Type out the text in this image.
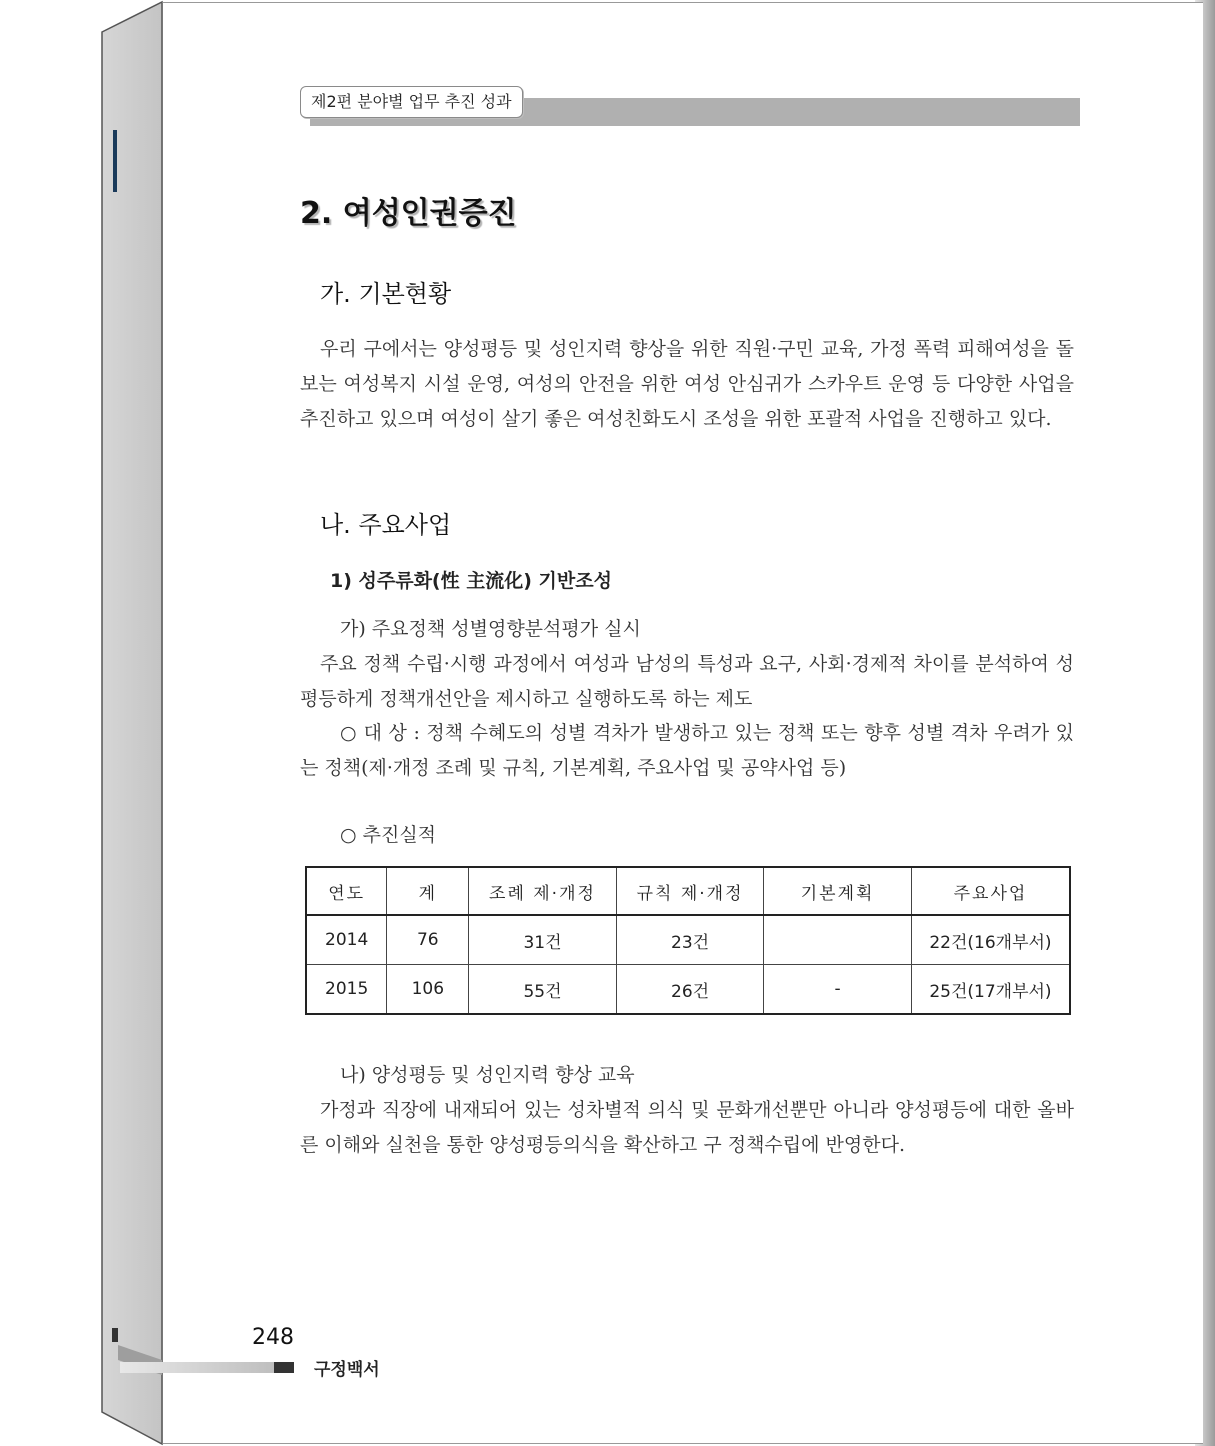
제2편 분야별 업무 추진 성과
2. 여성인권증진
가. 기본현황

우리 구에서는 양성평등 및 성인지력 향상을 위한 직원·구민 교육, 가정 폭력 피해여성을 돌보는 여성복지 시설 운영, 여성의 안전을 위한 여성 안심귀가 스카우트 운영 등 다양한 사업을 추진하고 있으며 여성이 살기 좋은 여성친화도시 조성을 위한 포괄적 사업을 진행하고 있다.

나. 주요사업
1) 성주류화(性 主流化) 기반조성

가) 주요정책 성별영향분석평가 실시

주요 정책 수립·시행 과정에서 여성과 남성의 특성과 요구, 사회·경제적 차이를 분석하여 성평등하게 정책개선안을 제시하고 실행하도록 하는 제도

○ 대 상 : 정책 수혜도의 성별 격차가 발생하고 있는 정책 또는 향후 성별 격차 우려가 있는 정책(제·개정 조례 및 규칙, 기본계획, 주요사업 및 공약사업 등)

○ 추진실적

연도	계	조례 제·개정	규칙 제·개정	기본계획	주요사업
2014	76	31건	23건		22건(16개부서)
2015	106	55건	26건	-	25건(17개부서)

나) 양성평등 및 성인지력 향상 교육

가정과 직장에 내재되어 있는 성차별적 의식 및 문화개선뿐만 아니라 양성평등에 대한 올바른 이해와 실천을 통한 양성평등의식을 확산하고 구 정책수립에 반영한다.

248
구정백서
